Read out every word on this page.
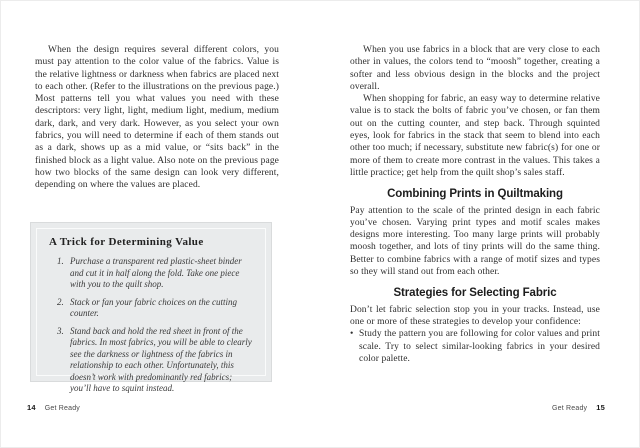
When the design requires several different colors, you must pay attention to the color value of the fabrics. Value is the relative lightness or darkness when fabrics are placed next to each other. (Refer to the illustrations on the previous page.) Most patterns tell you what values you need with these descriptors: very light, light, medium light, medium, medium dark, dark, and very dark. However, as you select your own fabrics, you will need to determine if each of them stands out as a dark, shows up as a mid value, or “sits back” in the finished block as a light value. Also note on the previous page how two blocks of the same design can look very different, depending on where the values are placed.

A Trick for Determining Value
1. Purchase a transparent red plastic-sheet binder and cut it in half along the fold. Take one piece with you to the quilt shop.
2. Stack or fan your fabric choices on the cutting counter.
3. Stand back and hold the red sheet in front of the fabrics. In most fabrics, you will be able to clearly see the darkness or lightness of the fabrics in relationship to each other. Unfortunately, this doesn’t work with predominantly red fabrics; you’ll have to squint instead.
14 Get Ready

When you use fabrics in a block that are very close to each other in values, the colors tend to “moosh” together, creating a softer and less obvious design in the blocks and the project overall.

When shopping for fabric, an easy way to determine relative value is to stack the bolts of fabric you’ve chosen, or fan them out on the cutting counter, and step back. Through squinted eyes, look for fabrics in the stack that seem to blend into each other too much; if necessary, substitute new fabric(s) for one or more of them to create more contrast in the values. This takes a little practice; get help from the quilt shop’s sales staff.

Combining Prints in Quiltmaking

Pay attention to the scale of the printed design in each fabric you’ve chosen. Varying print types and motif scales makes designs more interesting. Too many large prints will probably moosh together, and lots of tiny prints will do the same thing. Better to combine fabrics with a range of motif sizes and types so they will stand out from each other.

Strategies for Selecting Fabric

Don’t let fabric selection stop you in your tracks. Instead, use one or more of these strategies to develop your confidence:

• Study the pattern you are following for color values and print scale. Try to select similar-looking fabrics in your desired color palette.
Get Ready 15
